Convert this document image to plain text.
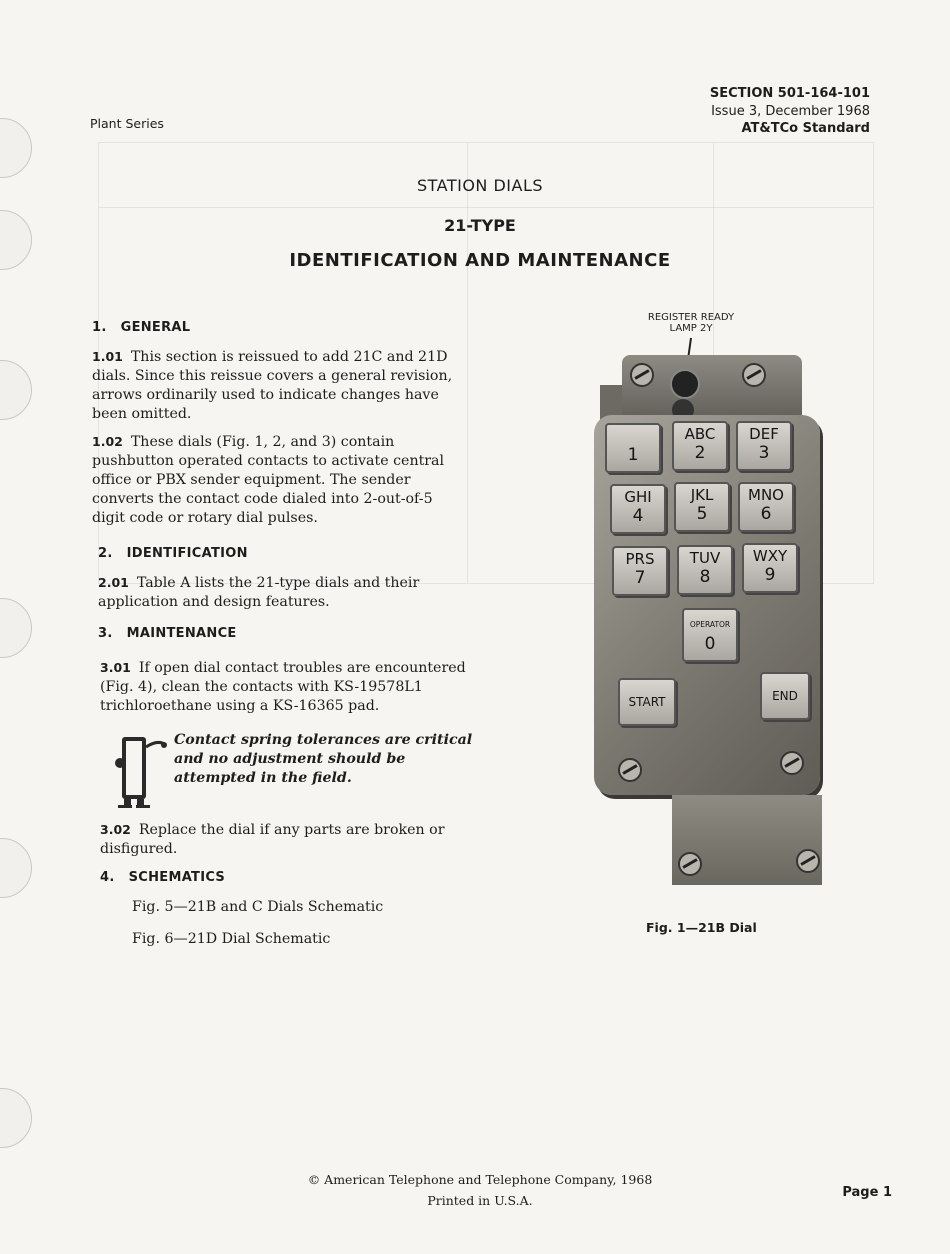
Plant Series
SECTION 501-164-101
Issue 3, December 1968
AT&TCo Standard
STATION DIALS
21-TYPE
IDENTIFICATION AND MAINTENANCE
1. GENERAL
1.01 This section is reissued to add 21C and 21D dials. Since this reissue covers a general revision, arrows ordinarily used to indicate changes have been omitted.
1.02 These dials (Fig. 1, 2, and 3) contain pushbutton operated contacts to activate central office or PBX sender equipment. The sender converts the contact code dialed into 2-out-of-5 digit code or rotary dial pulses.
2. IDENTIFICATION
2.01 Table A lists the 21-type dials and their application and design features.
3. MAINTENANCE
3.01 If open dial contact troubles are encountered (Fig. 4), clean the contacts with KS-19578L1 trichloroethane using a KS-16365 pad.
Contact spring tolerances are critical and no adjustment should be attempted in the field.
3.02 Replace the dial if any parts are broken or disfigured.
4. SCHEMATICS
Fig. 5—21B and C Dials Schematic
Fig. 6—21D Dial Schematic
REGISTER READY
LAMP 2Y

1
ABC
2
DEF
3
GHI
4
JKL
5
MNO
6
PRS
7
TUV
8
WXY
9
OPERATOR
0
START	END
Fig. 1—21B Dial
© American Telephone and Telephone Company, 1968
Printed in U.S.A.
Page 1
